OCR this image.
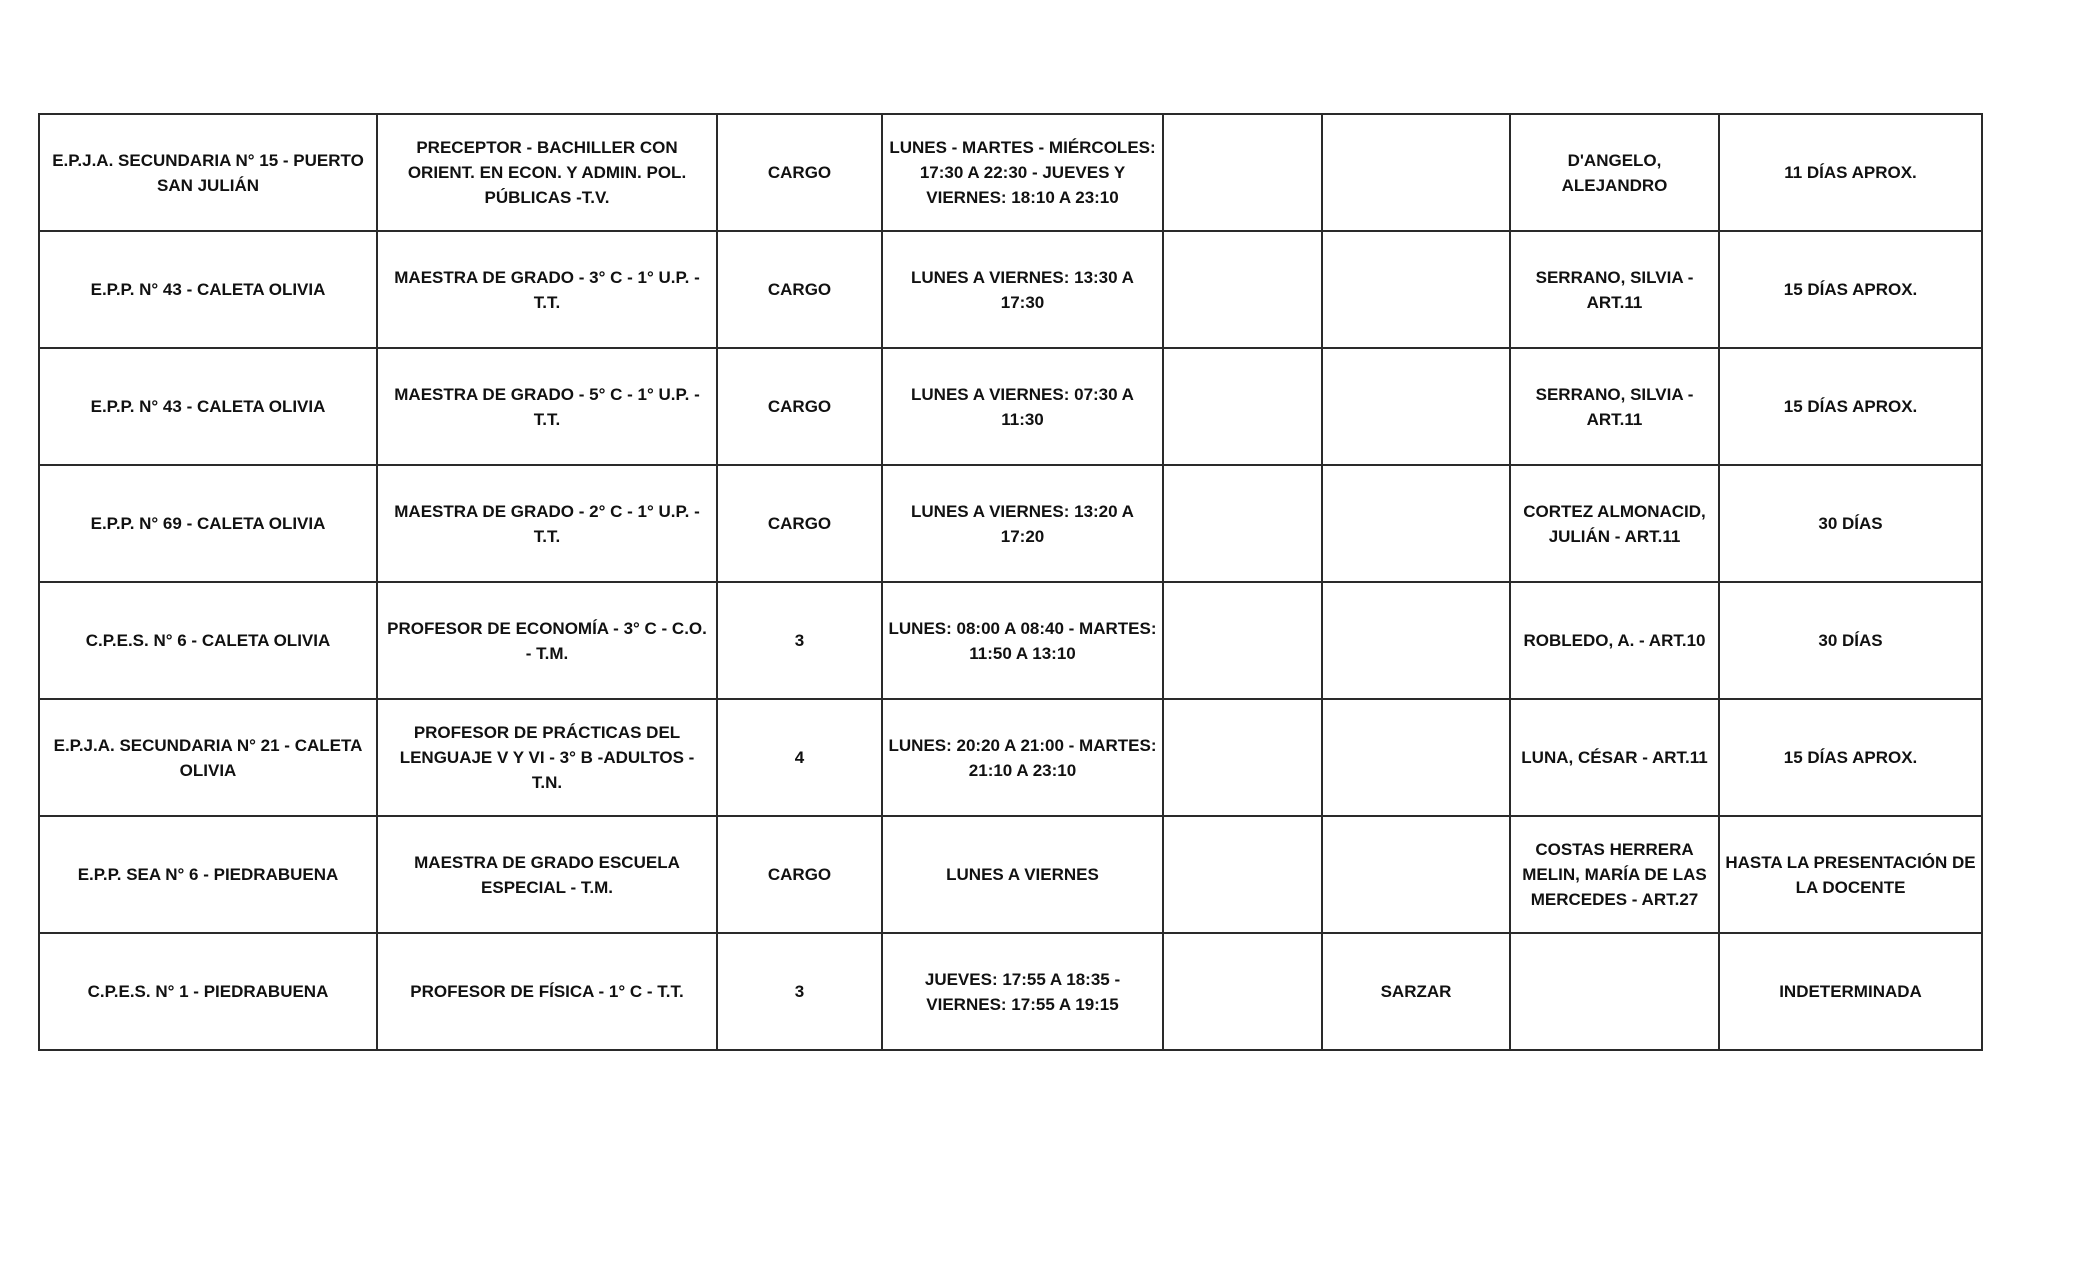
E.P.J.A. SECUNDARIA N° 15 - PUERTO SAN JULIÁN	PRECEPTOR - BACHILLER CON ORIENT. EN ECON. Y ADMIN. POL. PÚBLICAS -T.V.	CARGO	LUNES - MARTES - MIÉRCOLES: 17:30 A 22:30 - JUEVES Y VIERNES: 18:10 A 23:10			D'ANGELO, ALEJANDRO	11 DÍAS APROX.
E.P.P. N° 43 - CALETA OLIVIA	MAESTRA DE GRADO - 3° C - 1° U.P. - T.T.	CARGO	LUNES A VIERNES: 13:30 A 17:30			SERRANO, SILVIA - ART.11	15 DÍAS APROX.
E.P.P. N° 43 - CALETA OLIVIA	MAESTRA DE GRADO - 5° C - 1° U.P. - T.T.	CARGO	LUNES A VIERNES: 07:30 A 11:30			SERRANO, SILVIA - ART.11	15 DÍAS APROX.
E.P.P. N° 69 - CALETA OLIVIA	MAESTRA DE GRADO - 2° C - 1° U.P. - T.T.	CARGO	LUNES A VIERNES: 13:20 A 17:20			CORTEZ ALMONACID, JULIÁN - ART.11	30 DÍAS
C.P.E.S. N° 6 - CALETA OLIVIA	PROFESOR DE ECONOMÍA - 3° C - C.O. - T.M.	3	LUNES: 08:00 A 08:40 - MARTES: 11:50 A 13:10			ROBLEDO, A. - ART.10	30 DÍAS
E.P.J.A. SECUNDARIA N° 21 - CALETA OLIVIA	PROFESOR DE PRÁCTICAS DEL LENGUAJE V Y VI - 3° B -ADULTOS - T.N.	4	LUNES: 20:20 A 21:00 - MARTES: 21:10 A 23:10			LUNA, CÉSAR - ART.11	15 DÍAS APROX.
E.P.P. SEA N° 6 - PIEDRABUENA	MAESTRA DE GRADO ESCUELA ESPECIAL - T.M.	CARGO	LUNES A VIERNES			COSTAS HERRERA MELIN, MARÍA DE LAS MERCEDES - ART.27	HASTA LA PRESENTACIÓN DE LA DOCENTE
C.P.E.S. N° 1 - PIEDRABUENA	PROFESOR DE FÍSICA - 1° C - T.T.	3	JUEVES: 17:55 A 18:35 - VIERNES: 17:55 A 19:15		SARZAR		INDETERMINADA
